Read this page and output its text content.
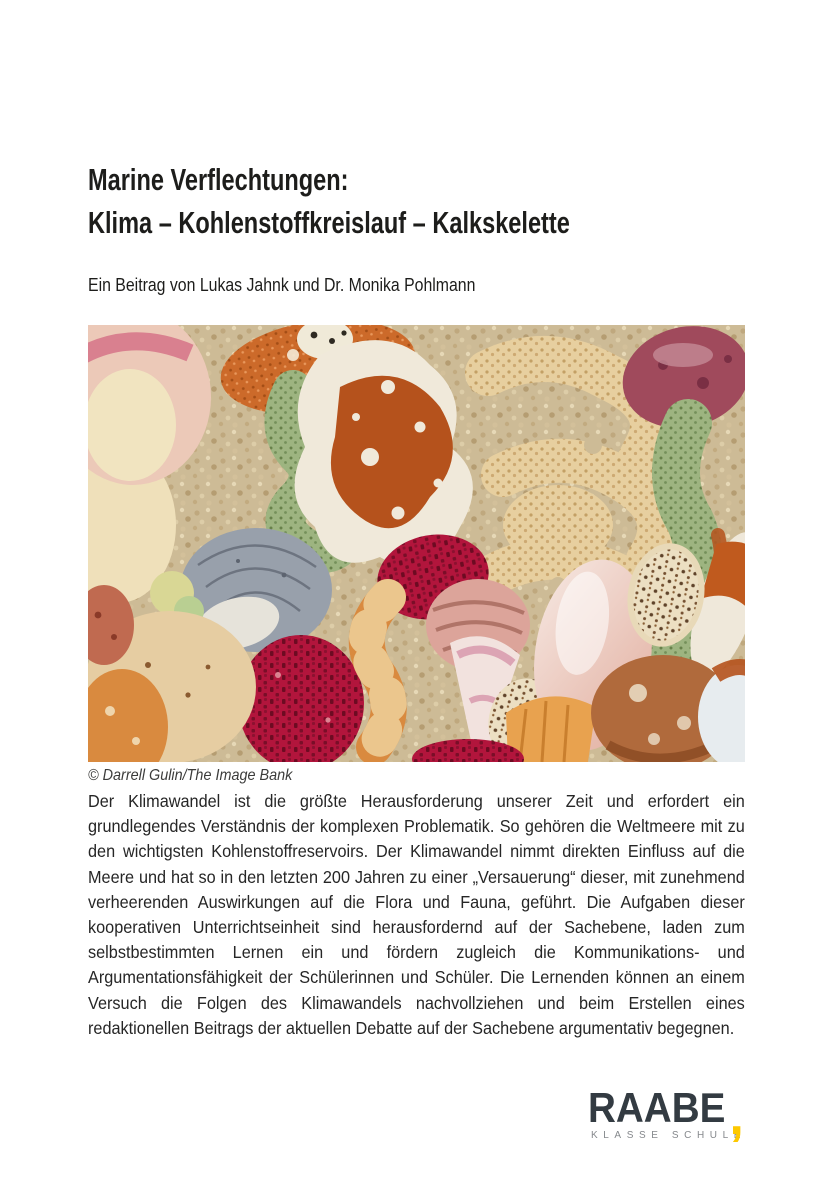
Marine Verflechtungen:
Klima – Kohlenstoffkreislauf – Kalkskelette

Ein Beitrag von Lukas Jahnk und Dr. Monika Pohlmann

© Darrell Gulin/The Image Bank

Der Klimawandel ist die größte Herausforderung unserer Zeit und erfordert ein grundlegendes Verständnis der komplexen Problematik. So gehören die Weltmeere mit zu den wichtigsten Kohlenstoffreservoirs. Der Klimawandel nimmt direkten Einfluss auf die Meere und hat so in den letzten 200 Jahren zu einer „Versauerung“ dieser, mit zunehmend verheerenden Auswirkungen auf die Flora und Fauna, geführt. Die Aufgaben dieser kooperativen Unterrichtseinheit sind herausfordernd auf der Sachebene, laden zum selbstbestimmten Lernen ein und fördern zugleich die Kommunikations- und Argumentationsfähigkeit der Schülerinnen und Schüler. Die Lernenden können an einem Versuch die Folgen des Klimawandels nachvollziehen und beim Erstellen eines redaktionellen Beitrags der aktuellen Debatte auf der Sachebene argumentativ begegnen.

RAABE ,
KLASSE SCHULE
